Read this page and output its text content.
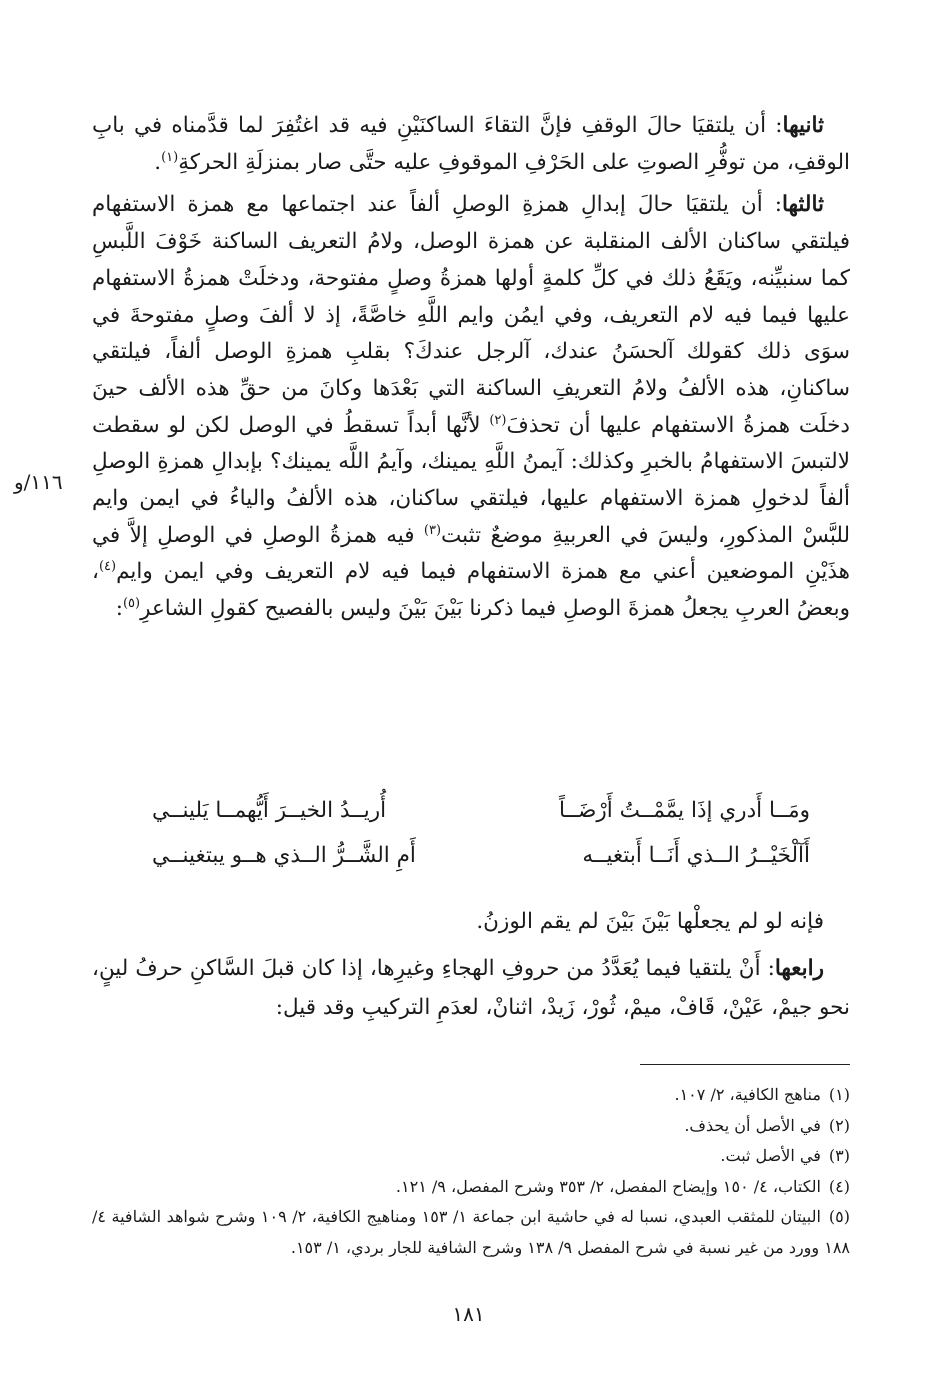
١١٦/و

ثانيها: أن يلتقيَا حالَ الوقفِ فإنَّ التقاءَ الساكنَيْنِ فيه قد اغتُفِرَ لما قدَّمناه في بابِ الوقفِ، من توفُّرِ الصوتِ على الحَرْفِ الموقوفِ عليه حتَّى صار بمنزلَةِ الحركةِ$^{(١)}$.

ثالثها: أن يلتقيَا حالَ إبدالِ همزةِ الوصلِ ألفاً عند اجتماعها مع همزة الاستفهام فيلتقي ساكنان الألف المنقلبة عن همزة الوصل، ولامُ التعريف الساكنة خَوْفَ اللَّبسِ كما سنبيِّنه، ويَقَعُ ذلك في كلِّ كلمةٍ أولها همزةُ وصلٍ مفتوحة، ودخلَتْ همزةُ الاستفهام عليها فيما فيه لام التعريف، وفي ايمُن وايم اللَّهِ خاصَّةً، إذ لا ألفَ وصلٍ مفتوحةَ في سوَى ذلك كقولك آلحسَنُ عندك، آلرجل عندكَ؟ بقلبِ همزةِ الوصل ألفاً، فيلتقي ساكنانِ، هذه الألفُ ولامُ التعريفِ الساكنة التي بَعْدَها وكانَ من حقِّ هذه الألف حينَ دخلَت همزةُ الاستفهام عليها أن تحذفَ$^{(٢)}$ لأنَّها أبداً تسقطُ في الوصل لكن لو سقطت لالتبسَ الاستفهامُ بالخبرِ وكذلك: آيمنُ اللَّهِ يمينك، وآيمُ اللَّه يمينك؟ بإبدالِ همزةِ الوصلِ ألفاً لدخولِ همزة الاستفهام عليها، فيلتقي ساكنان، هذه الألفُ والياءُ في ايمن وايم للبَّسْ المذكورِ، وليسَ في العربيةِ موضعٌ تثبت$^{(٣)}$ فيه همزةُ الوصلِ في الوصلِ إلاَّ في هذَيْنِ الموضعين أعني مع همزة الاستفهام فيما فيه لام التعريف وفي ايمن وايم$^{(٤)}$، وبعضُ العربِ يجعلُ همزةَ الوصلِ فيما ذكرنا بَيْنَ بَيْنَ وليس بالفصيح كقولِ الشاعرِ$^{(٥)}$:

ومَــا أَدري إذَا يمَّمْــتُ أَرْضَــاً
أُريــدُ الخيــرَ أَيُّهمــا يَلينــي
أَآلْخَيْــرُ الــذي أَنَــا أَبتغيــه
أَمِ الشَّــرُّ الــذي هــو يبتغينــي

فإنه لو لم يجعلْها بَيْنَ بَيْنَ لم يقم الوزنُ.

رابعها: أَنْ يلتقيا فيما يُعَدَّدُ من حروفِ الهجاءِ وغيرِها، إذا كان قبلَ السَّاكنِ حرفُ لينٍ، نحو جيمْ، عَيْنْ، قَافْ، ميمْ، ثُورْ، زَيدْ، اثنانْ، لعدَمِ التركيبِ وقد قيل:

(١)مناهج الكافية، ٢/ ١٠٧.

(٢)في الأصل أن يحذف.

(٣)في الأصل ثبت.

(٤)الكتاب، ٤/ ١٥٠ وإيضاح المفصل، ٢/ ٣٥٣ وشرح المفصل، ٩/ ١٢١.

(٥)البيتان للمثقب العبدي، نسبا له في حاشية ابن جماعة ١/ ١٥٣ ومناهيج الكافية، ٢/ ١٠٩ وشرح شواهد الشافية ٤/ ١٨٨ وورد من غير نسبة في شرح المفصل ٩/ ١٣٨ وشرح الشافية للجار بردي، ١/ ١٥٣.

١٨١
